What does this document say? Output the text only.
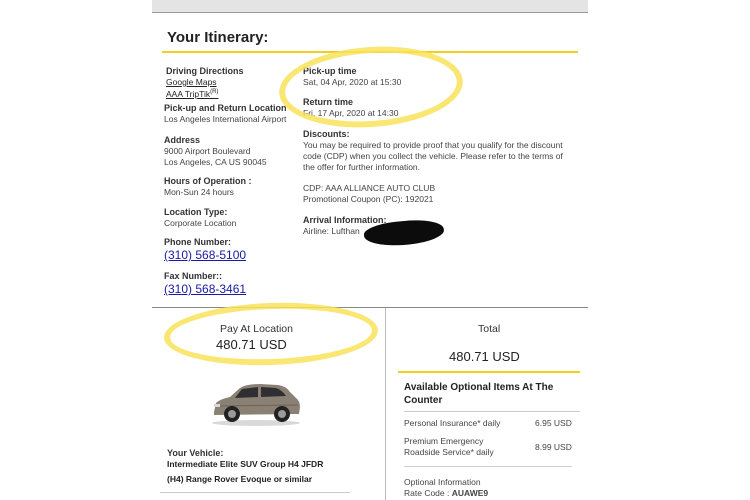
Your Itinerary:
Driving Directions
Google Maps
AAA TripTik$^{(R)}$
Pick-up and Return Location
Los Angeles International Airport
Address
9000 Airport Boulevard
Los Angeles, CA US 90045
Hours of Operation :
Mon-Sun 24 hours
Location Type:
Corporate Location
Phone Number:
(310) 568-5100
Fax Number::
(310) 568-3461
Pick-up time
Sat, 04 Apr, 2020 at 15:30
Return time
Fri, 17 Apr, 2020 at 14:30
Discounts:
You may be required to provide proof that you qualify for the discount
code (CDP) when you collect the vehicle. Please refer to the terms of
the offer for further information.
CDP: AAA ALLIANCE AUTO CLUB
Promotional Coupon (PC): 192021
Arrival Information:
Airline: Lufthan
Pay At Location
480.71 USD
Total
480.71 USD
Available Optional Items At The
Counter
Personal Insurance* daily	6.95 USD
Premium Emergency
Roadside Service* daily	8.99 USD
Optional Information
Rate Code : AUAWE9
Your Vehicle:
Intermediate Elite SUV Group H4 JFDR
(H4) Range Rover Evoque or similar
